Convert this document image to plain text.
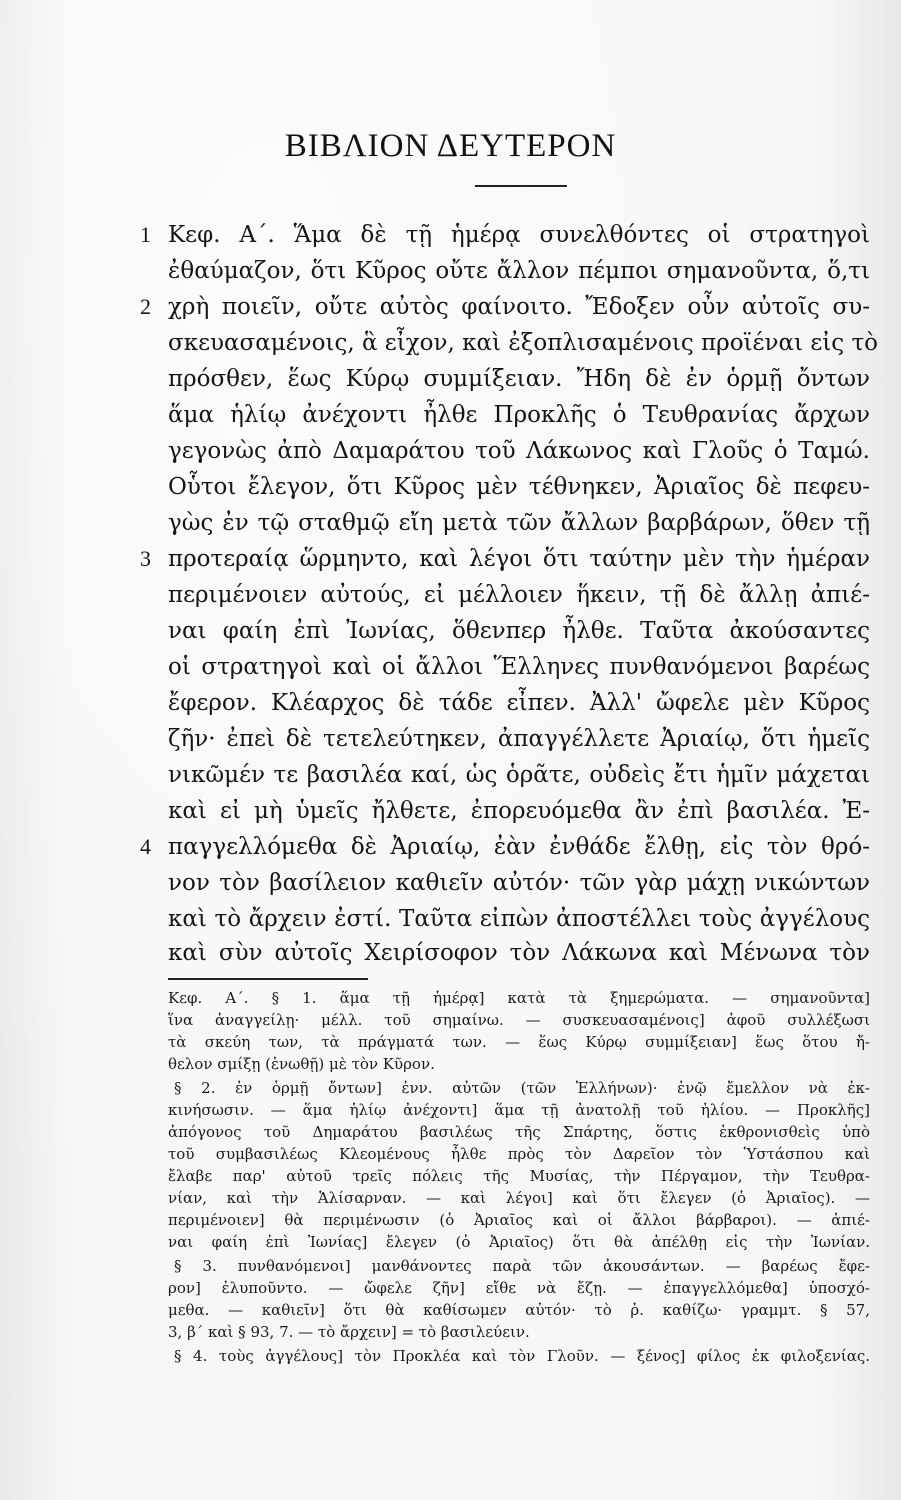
ΒΙΒΛΙΟΝ ΔΕΥΤΕΡΟΝ
1 Κεφ. Α΄. Ἅμα δὲ τῇ ἡμέρᾳ συνελθόντες οἱ στρατηγοὶ
ἐθαύμαζον, ὅτι Κῦρος οὔτε ἄλλον πέμποι σημανοῦντα, ὅ,τι
2 χρὴ ποιεῖν, οὔτε αὐτὸς φαίνοιτο. Ἔδοξεν οὖν αὐτοῖς συ-
σκευασαμένοις, ἃ εἶχον, καὶ ἐξοπλισαμένοις προϊέναι εἰς τὸ
πρόσθεν, ἕως Κύρῳ συμμίξειαν. Ἤδη δὲ ἐν ὁρμῇ ὄντων
ἅμα ἡλίῳ ἀνέχοντι ἦλθε Προκλῆς ὁ Τευθρανίας ἄρχων
γεγονὼς ἀπὸ Δαμαράτου τοῦ Λάκωνος καὶ Γλοῦς ὁ Ταμώ.
Οὗτοι ἔλεγον, ὅτι Κῦρος μὲν τέθνηκεν, Ἀριαῖος δὲ πεφευ-
γὼς ἐν τῷ σταθμῷ εἴη μετὰ τῶν ἄλλων βαρβάρων, ὅθεν τῇ
3 προτεραίᾳ ὥρμηντο, καὶ λέγοι ὅτι ταύτην μὲν τὴν ἡμέραν
περιμένοιεν αὐτούς, εἰ μέλλοιεν ἥκειν, τῇ δὲ ἄλλῃ ἀπιέ-
ναι φαίη ἐπὶ Ἰωνίας, ὅθενπερ ἦλθε. Ταῦτα ἀκούσαντες
οἱ στρατηγοὶ καὶ οἱ ἄλλοι Ἕλληνες πυνθανόμενοι βαρέως
ἔφερον. Κλέαρχος δὲ τάδε εἶπεν. Ἀλλ' ὤφελε μὲν Κῦρος
ζῆν· ἐπεὶ δὲ τετελεύτηκεν, ἀπαγγέλλετε Ἀριαίῳ, ὅτι ἡμεῖς
νικῶμέν τε βασιλέα καί, ὡς ὁρᾶτε, οὐδεὶς ἔτι ἡμῖν μάχεται
καὶ εἰ μὴ ὑμεῖς ἤλθετε, ἐπορευόμεθα ἂν ἐπὶ βασιλέα. Ἐ-
4 παγγελλόμεθα δὲ Ἀριαίῳ, ἐὰν ἐνθάδε ἔλθῃ, εἰς τὸν θρό-
νον τὸν βασίλειον καθιεῖν αὐτόν· τῶν γὰρ μάχῃ νικώντων
καὶ τὸ ἄρχειν ἐστί. Ταῦτα εἰπὼν ἀποστέλλει τοὺς ἀγγέλους
καὶ σὺν αὐτοῖς Χειρίσοφον τὸν Λάκωνα καὶ Μένωνα τὸν
Κεφ. Α΄. § 1. ἅμα τῇ ἡμέρᾳ] κατὰ τὰ ξημερώματα. — σημανοῦντα]
ἵνα ἀναγγείλῃ· μέλλ. τοῦ σημαίνω. — συσκευασαμένοις] ἀφοῦ συλλέξωσι
τὰ σκεύη των, τὰ πράγματά των. — ἕως Κύρῳ συμμίξειαν] ἕως ὅτου ἤ-
θελον σμίξῃ (ἑνωθῇ) μὲ τὸν Κῦρον.
§ 2. ἐν ὁρμῇ ὄντων] ἐνν. αὐτῶν (τῶν Ἑλλήνων)· ἐνῷ ἔμελλον νὰ ἐκ-
κινήσωσιν. — ἅμα ἡλίῳ ἀνέχοντι] ἅμα τῇ ἀνατολῇ τοῦ ἡλίου. — Προκλῆς]
ἀπόγονος τοῦ Δημαράτου βασιλέως τῆς Σπάρτης, ὅστις ἐκθρονισθεὶς ὑπὸ
τοῦ συμβασιλέως Κλεομένους ἦλθε πρὸς τὸν Δαρεῖον τὸν Ὑστάσπου καὶ
ἔλαβε παρ' αὐτοῦ τρεῖς πόλεις τῆς Μυσίας, τὴν Πέργαμον, τὴν Τευθρα-
νίαν, καὶ τὴν Ἁλίσαρναν. — καὶ λέγοι] καὶ ὅτι ἔλεγεν (ὁ Ἀριαῖος). —
περιμένοιεν] θὰ περιμένωσιν (ὁ Ἀριαῖος καὶ οἱ ἄλλοι βάρβαροι). — ἀπιέ-
ναι φαίη ἐπὶ Ἰωνίας] ἔλεγεν (ὁ Ἀριαῖος) ὅτι θὰ ἀπέλθῃ εἰς τὴν Ἰωνίαν.
§ 3. πυνθανόμενοι] μανθάνοντες παρὰ τῶν ἀκουσάντων. — βαρέως ἔφε-
ρον] ἐλυποῦντο. — ὤφελε ζῆν] εἴθε νὰ ἔζῃ. — ἐπαγγελλόμεθα] ὑποσχό-
μεθα. — καθιεῖν] ὅτι θὰ καθίσωμεν αὐτόν· τὸ ῥ. καθίζω· γραμμτ. § 57,
3, β΄ καὶ § 93, 7. — τὸ ἄρχειν] = τὸ βασιλεύειν.
§ 4. τοὺς ἀγγέλους] τὸν Προκλέα καὶ τὸν Γλοῦν. — ξένος] φίλος ἐκ φιλοξενίας.
